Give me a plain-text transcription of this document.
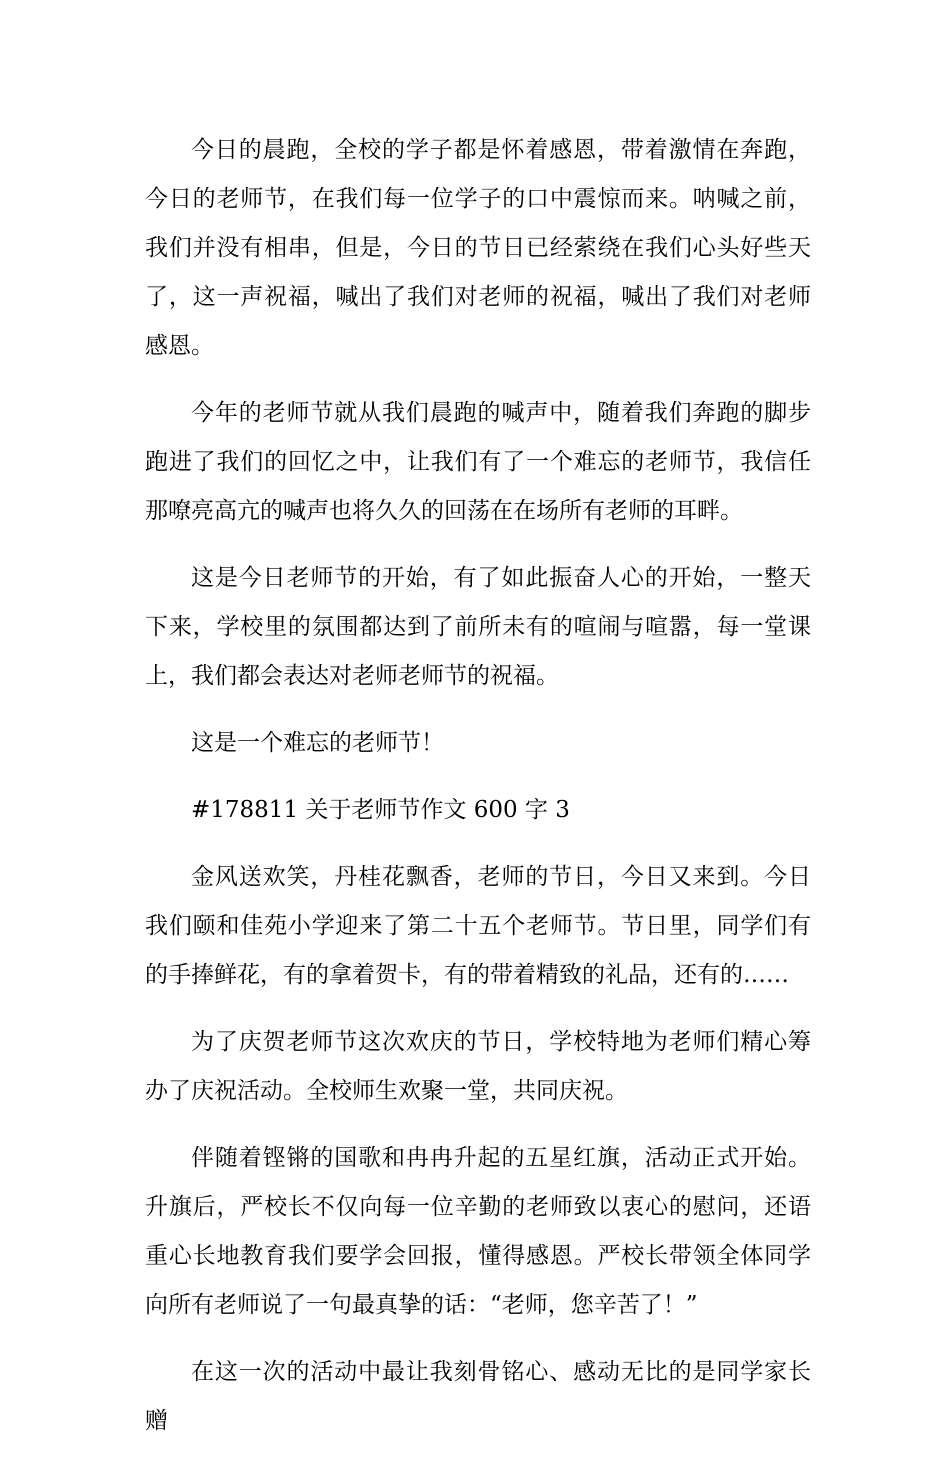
今日的晨跑，全校的学子都是怀着感恩，带着激情在奔跑，今日的老师节，在我们每一位学子的口中震惊而来。呐喊之前，我们并没有相串，但是，今日的节日已经萦绕在我们心头好些天了，这一声祝福，喊出了我们对老师的祝福，喊出了我们对老师感恩。

今年的老师节就从我们晨跑的喊声中，随着我们奔跑的脚步跑进了我们的回忆之中，让我们有了一个难忘的老师节，我信任那嘹亮高亢的喊声也将久久的回荡在在场所有老师的耳畔。

这是今日老师节的开始，有了如此振奋人心的开始，一整天下来，学校里的氛围都达到了前所未有的喧闹与喧嚣，每一堂课上，我们都会表达对老师老师节的祝福。

这是一个难忘的老师节！

#178811 关于老师节作文 600 字 3

金风送欢笑，丹桂花飘香，老师的节日，今日又来到。今日我们颐和佳苑小学迎来了第二十五个老师节。节日里，同学们有的手捧鲜花，有的拿着贺卡，有的带着精致的礼品，还有的……

为了庆贺老师节这次欢庆的节日，学校特地为老师们精心筹办了庆祝活动。全校师生欢聚一堂，共同庆祝。

伴随着铿锵的国歌和冉冉升起的五星红旗，活动正式开始。升旗后，严校长不仅向每一位辛勤的老师致以衷心的慰问，还语重心长地教育我们要学会回报，懂得感恩。严校长带领全体同学向所有老师说了一句最真挚的话：“老师，您辛苦了！”

在这一次的活动中最让我刻骨铭心、感动无比的是同学家长赠
